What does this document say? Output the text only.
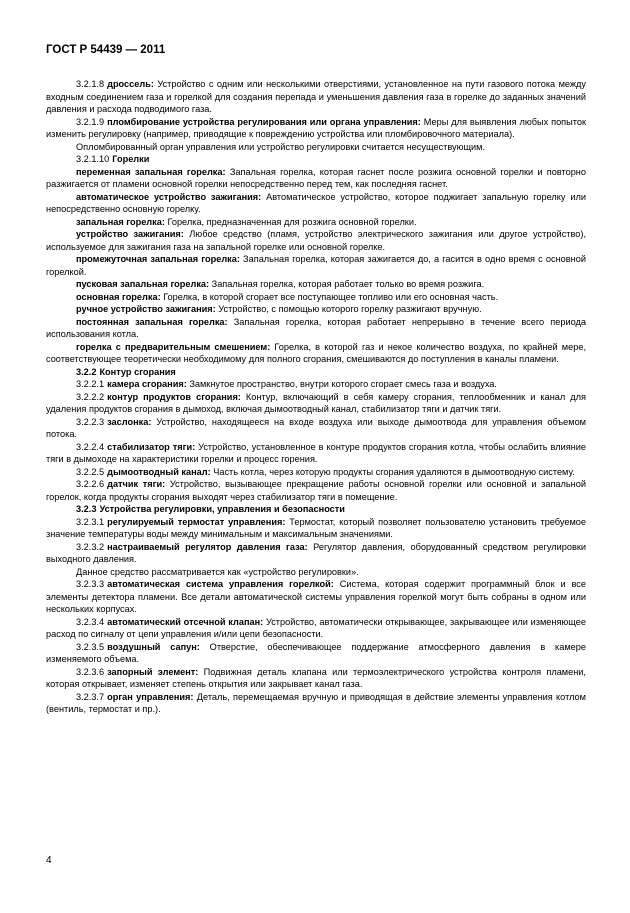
ГОСТ Р 54439 — 2011

3.2.1.8 дроссель: Устройство с одним или несколькими отверстиями, установленное на пути газового потока между входным соединением газа и горелкой для создания перепада и уменьшения давления газа в горелке до заданных значений давления и расхода подводимого газа.

3.2.1.9 пломбирование устройства регулирования или органа управления: Меры для выявления любых попыток изменить регулировку (например, приводящие к повреждению устройства или пломбировочного материала).

Опломбированный орган управления или устройство регулировки считается несуществующим.

3.2.1.10 Горелки

переменная запальная горелка: Запальная горелка, которая гаснет после розжига основной горелки и повторно разжигается от пламени основной горелки непосредственно перед тем, как последняя гаснет.

автоматическое устройство зажигания: Автоматическое устройство, которое поджигает запальную горелку или непосредственно основную горелку.

запальная горелка: Горелка, предназначенная для розжига основной горелки.

устройство зажигания: Любое средство (пламя, устройство электрического зажигания или другое устройство), используемое для зажигания газа на запальной горелке или основной горелке.

промежуточная запальная горелка: Запальная горелка, которая зажигается до, а гасится в одно время с основной горелкой.

пусковая запальная горелка: Запальная горелка, которая работает только во время розжига.

основная горелка: Горелка, в которой сгорает все поступающее топливо или его основная часть.

ручное устройство зажигания: Устройство, с помощью которого горелку разжигают вручную.

постоянная запальная горелка: Запальная горелка, которая работает непрерывно в течение всего периода использования котла.

горелка с предварительным смешением: Горелка, в которой газ и некое количество воздуха, по крайней мере, соответствующее теоретически необходимому для полного сгорания, смешиваются до поступления в каналы пламени.

3.2.2 Контур сгорания

3.2.2.1 камера сгорания: Замкнутое пространство, внутри которого сгорает смесь газа и воздуха.

3.2.2.2 контур продуктов сгорания: Контур, включающий в себя камеру сгорания, теплообменник и канал для удаления продуктов сгорания в дымоход, включая дымоотводный канал, стабилизатор тяги и датчик тяги.

3.2.2.3 заслонка: Устройство, находящееся на входе воздуха или выходе дымоотвода для управления объемом потока.

3.2.2.4 стабилизатор тяги: Устройство, установленное в контуре продуктов сгорания котла, чтобы ослабить влияние тяги в дымоходе на характеристики горелки и процесс горения.

3.2.2.5 дымоотводный канал: Часть котла, через которую продукты сгорания удаляются в дымоотводную систему.

3.2.2.6 датчик тяги: Устройство, вызывающее прекращение работы основной горелки или основной и запальной горелок, когда продукты сгорания выходят через стабилизатор тяги в помещение.

3.2.3 Устройства регулировки, управления и безопасности

3.2.3.1 регулируемый термостат управления: Термостат, который позволяет пользователю установить требуемое значение температуры воды между минимальным и максимальным значениями.

3.2.3.2 настраиваемый регулятор давления газа: Регулятор давления, оборудованный средством регулировки выходного давления.

Данное средство рассматривается как «устройство регулировки».

3.2.3.3 автоматическая система управления горелкой: Система, которая содержит программный блок и все элементы детектора пламени. Все детали автоматической системы управления горелкой могут быть собраны в одном или нескольких корпусах.

3.2.3.4 автоматический отсечной клапан: Устройство, автоматически открывающее, закрывающее или изменяющее расход по сигналу от цепи управления и/или цепи безопасности.

3.2.3.5 воздушный сапун: Отверстие, обеспечивающее поддержание атмосферного давления в камере изменяемого объема.

3.2.3.6 запорный элемент: Подвижная деталь клапана или термоэлектрического устройства контроля пламени, которая открывает, изменяет степень открытия или закрывает канал газа.

3.2.3.7 орган управления: Деталь, перемещаемая вручную и приводящая в действие элементы управления котлом (вентиль, термостат и пр.).

4
